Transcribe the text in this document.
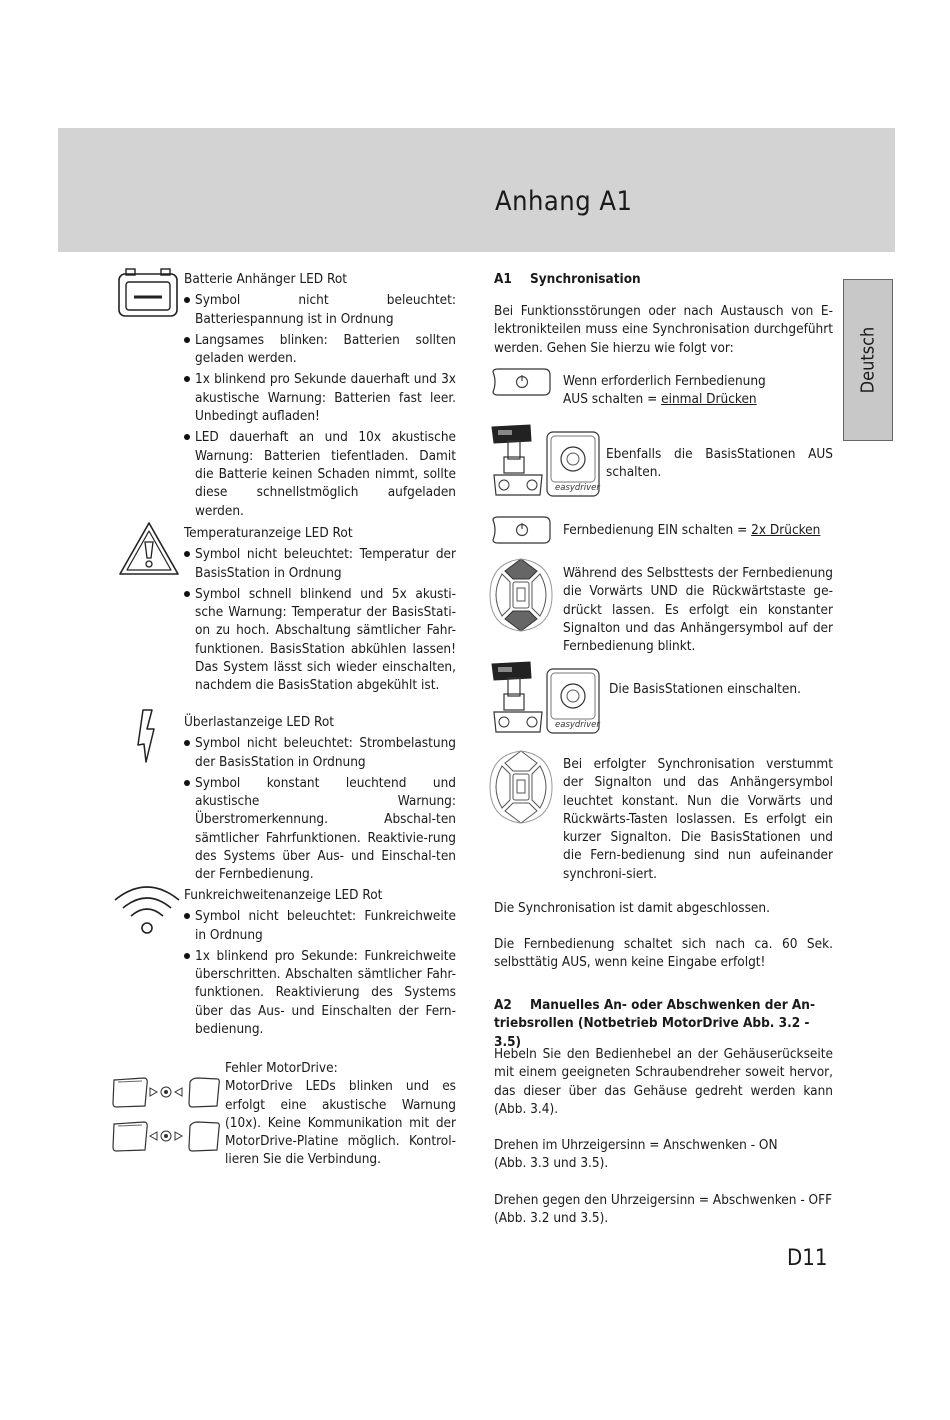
Anhang A1
Deutsch
Batterie Anhänger LED Rot
Symbol nicht beleuchtet: Batteriespannung ist in Ordnung
Langsames blinken: Batterien sollten geladen werden.
1x blinkend pro Sekunde dauerhaft und 3x akustische Warnung: Batterien fast leer. Unbedingt aufladen!
LED dauerhaft an und 10x akustische Warnung: Batterien tiefentladen. Damit die Batterie keinen Schaden nimmt, sollte diese schnellstmöglich aufgeladen werden.
Temperaturanzeige LED Rot
Symbol nicht beleuchtet: Temperatur der BasisStation in Ordnung
Symbol schnell blinkend und 5x akusti-sche Warnung: Temperatur der BasisStati-on zu hoch. Abschaltung sämtlicher Fahr-funktionen. BasisStation abkühlen lassen! Das System lässt sich wieder einschalten, nachdem die BasisStation abgekühlt ist.
Überlastanzeige LED Rot
Symbol nicht beleuchtet: Strombelastung der BasisStation in Ordnung
Symbol konstant leuchtend und akustische Warnung: Überstromerkennung. Abschal-ten sämtlicher Fahrfunktionen. Reaktivie-rung des Systems über Aus- und Einschal-ten der Fernbedienung.
Funkreichweitenanzeige LED Rot
Symbol nicht beleuchtet: Funkreichweite in Ordnung
1x blinkend pro Sekunde: Funkreichweite überschritten. Abschalten sämtlicher Fahr-funktionen. Reaktivierung des Systems über das Aus- und Einschalten der Fern-bedienung.
Fehler MotorDrive:
MotorDrive LEDs blinken und es erfolgt eine akustische Warnung (10x). Keine Kommunikation mit der MotorDrive-Platine möglich. Kontrol-lieren Sie die Verbindung.
A1 Synchronisation
Bei Funktionsstörungen oder nach Austausch von E-lektronikteilen muss eine Synchronisation durchgeführt werden. Gehen Sie hierzu wie folgt vor:
Wenn erforderlich Fernbedienung
AUS schalten = einmal Drücken
easydriver
Ebenfalls die BasisStationen AUS schalten.
Fernbedienung EIN schalten = 2x Drücken
Während des Selbsttests der Fernbedienung die Vorwärts UND die Rückwärtstaste ge-drückt lassen. Es erfolgt ein konstanter Signalton und das Anhängersymbol auf der Fernbedienung blinkt.
easydriver
Die BasisStationen einschalten.
Bei erfolgter Synchronisation verstummt der Signalton und das Anhängersymbol leuchtet konstant. Nun die Vorwärts und Rückwärts-Tasten loslassen. Es erfolgt ein kurzer Signalton. Die BasisStationen und die Fern-bedienung sind nun aufeinander synchroni-siert.
Die Synchronisation ist damit abgeschlossen.
Die Fernbedienung schaltet sich nach ca. 60 Sek. selbsttätig AUS, wenn keine Eingabe erfolgt!
A2 Manuelles An- oder Abschwenken der An-
triebsrollen (Notbetrieb MotorDrive Abb. 3.2 - 3.5)
Hebeln Sie den Bedienhebel an der Gehäuserückseite mit einem geeigneten Schraubendreher soweit hervor, das dieser über das Gehäuse gedreht werden kann (Abb. 3.4).
Drehen im Uhrzeigersinn = Anschwenken - ON
(Abb. 3.3 und 3.5).
Drehen gegen den Uhrzeigersinn = Abschwenken - OFF
(Abb. 3.2 und 3.5).
D11
